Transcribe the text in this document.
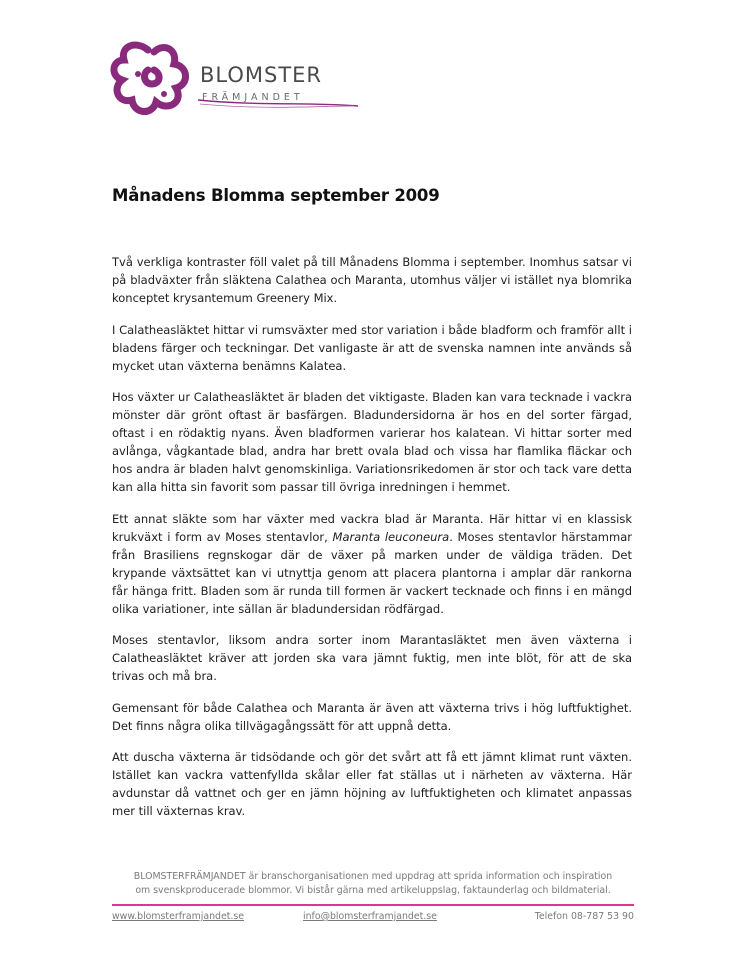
BLOMSTER
FRÄMJANDET
Månadens Blomma september 2009

Två verkliga kontraster föll valet på till Månadens Blomma i september. Inomhus satsar vi på bladväxter från släktena Calathea och Maranta, utomhus väljer vi istället nya blomrika konceptet krysantemum Greenery Mix.

I Calatheasläktet hittar vi rumsväxter med stor variation i både bladform och framför allt i bladens färger och teckningar. Det vanligaste är att de svenska namnen inte används så mycket utan växterna benämns Kalatea.

Hos växter ur Calatheasläktet är bladen det viktigaste. Bladen kan vara tecknade i vackra mönster där grönt oftast är basfärgen. Bladundersidorna är hos en del sorter färgad, oftast i en rödaktig nyans. Även bladformen varierar hos kalatean. Vi hittar sorter med avlånga, vågkantade blad, andra har brett ovala blad och vissa har flamlika fläckar och hos andra är bladen halvt genomskinliga. Variationsrikedomen är stor och tack vare detta kan alla hitta sin favorit som passar till övriga inredningen i hemmet.

Ett annat släkte som har växter med vackra blad är Maranta. Här hittar vi en klassisk krukväxt i form av Moses stentavlor, Maranta leuconeura. Moses stentavlor härstammar från Brasiliens regnskogar där de växer på marken under de väldiga träden. Det krypande växtsättet kan vi utnyttja genom att placera plantorna i amplar där rankorna får hänga fritt. Bladen som är runda till formen är vackert tecknade och finns i en mängd olika variationer, inte sällan är bladundersidan rödfärgad.

Moses stentavlor, liksom andra sorter inom Marantasläktet men även växterna i Calatheasläktet kräver att jorden ska vara jämnt fuktig, men inte blöt, för att de ska trivas och må bra.

Gemensant för både Calathea och Maranta är även att växterna trivs i hög luftfuktighet. Det finns några olika tillvägagångssätt för att uppnå detta.

Att duscha växterna är tidsödande och gör det svårt att få ett jämnt klimat runt växten. Istället kan vackra vattenfyllda skålar eller fat ställas ut i närheten av växterna. Här avdunstar då vattnet och ger en jämn höjning av luftfuktigheten och klimatet anpassas mer till växternas krav.

BLOMSTERFRÄMJANDET är branschorganisationen med uppdrag att sprida information och inspiration
om svenskproducerade blommor. Vi bistår gärna med artikeluppslag, faktaunderlag och bildmaterial.
www.blomsterframjandet.se	info@blomsterframjandet.se	Telefon 08-787 53 90
